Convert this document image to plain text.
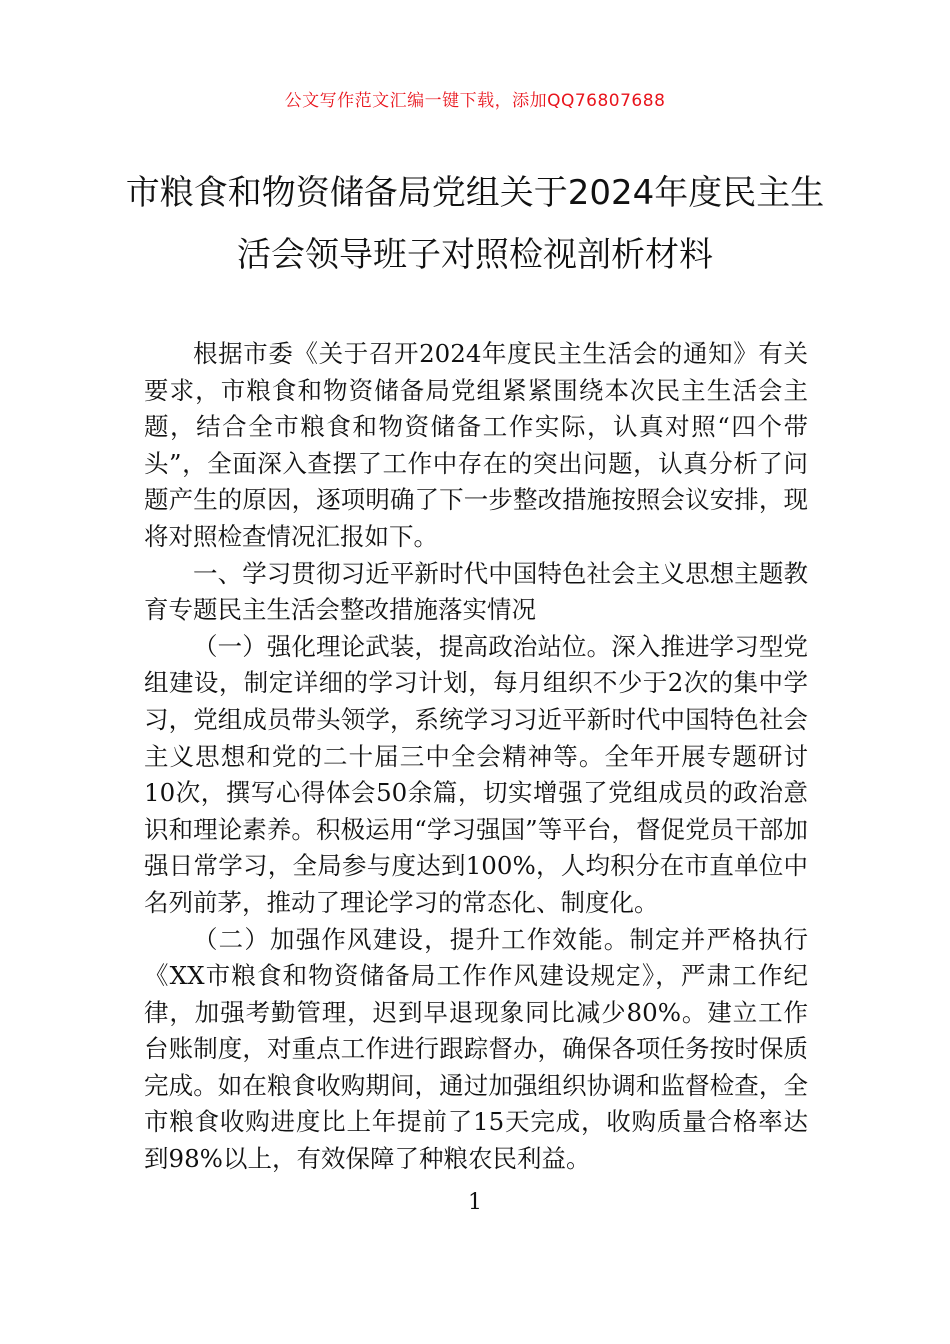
公文写作范文汇编一键下载，添加QQ76807688
市粮食和物资储备局党组关于2024年度民主生活会领导班子对照检视剖析材料

根据市委《关于召开2024年度民主生活会的通知》有关要求，市粮食和物资储备局党组紧紧围绕本次民主生活会主题，结合全市粮食和物资储备工作实际，认真对照“四个带头”，全面深入查摆了工作中存在的突出问题，认真分析了问题产生的原因，逐项明确了下一步整改措施按照会议安排，现将对照检查情况汇报如下。

一、学习贯彻习近平新时代中国特色社会主义思想主题教育专题民主生活会整改措施落实情况

（一）强化理论武装，提高政治站位。深入推进学习型党组建设，制定详细的学习计划，每月组织不少于2次的集中学习，党组成员带头领学，系统学习习近平新时代中国特色社会主义思想和党的二十届三中全会精神等。全年开展专题研讨10次，撰写心得体会50余篇，切实增强了党组成员的政治意识和理论素养。积极运用“学习强国”等平台，督促党员干部加强日常学习，全局参与度达到100%，人均积分在市直单位中名列前茅，推动了理论学习的常态化、制度化。

（二）加强作风建设，提升工作效能。制定并严格执行《XX市粮食和物资储备局工作作风建设规定》，严肃工作纪律，加强考勤管理，迟到早退现象同比减少80%。建立工作台账制度，对重点工作进行跟踪督办，确保各项任务按时保质完成。如在粮食收购期间，通过加强组织协调和监督检查，全市粮食收购进度比上年提前了15天完成，收购质量合格率达到98%以上，有效保障了种粮农民利益。

1
